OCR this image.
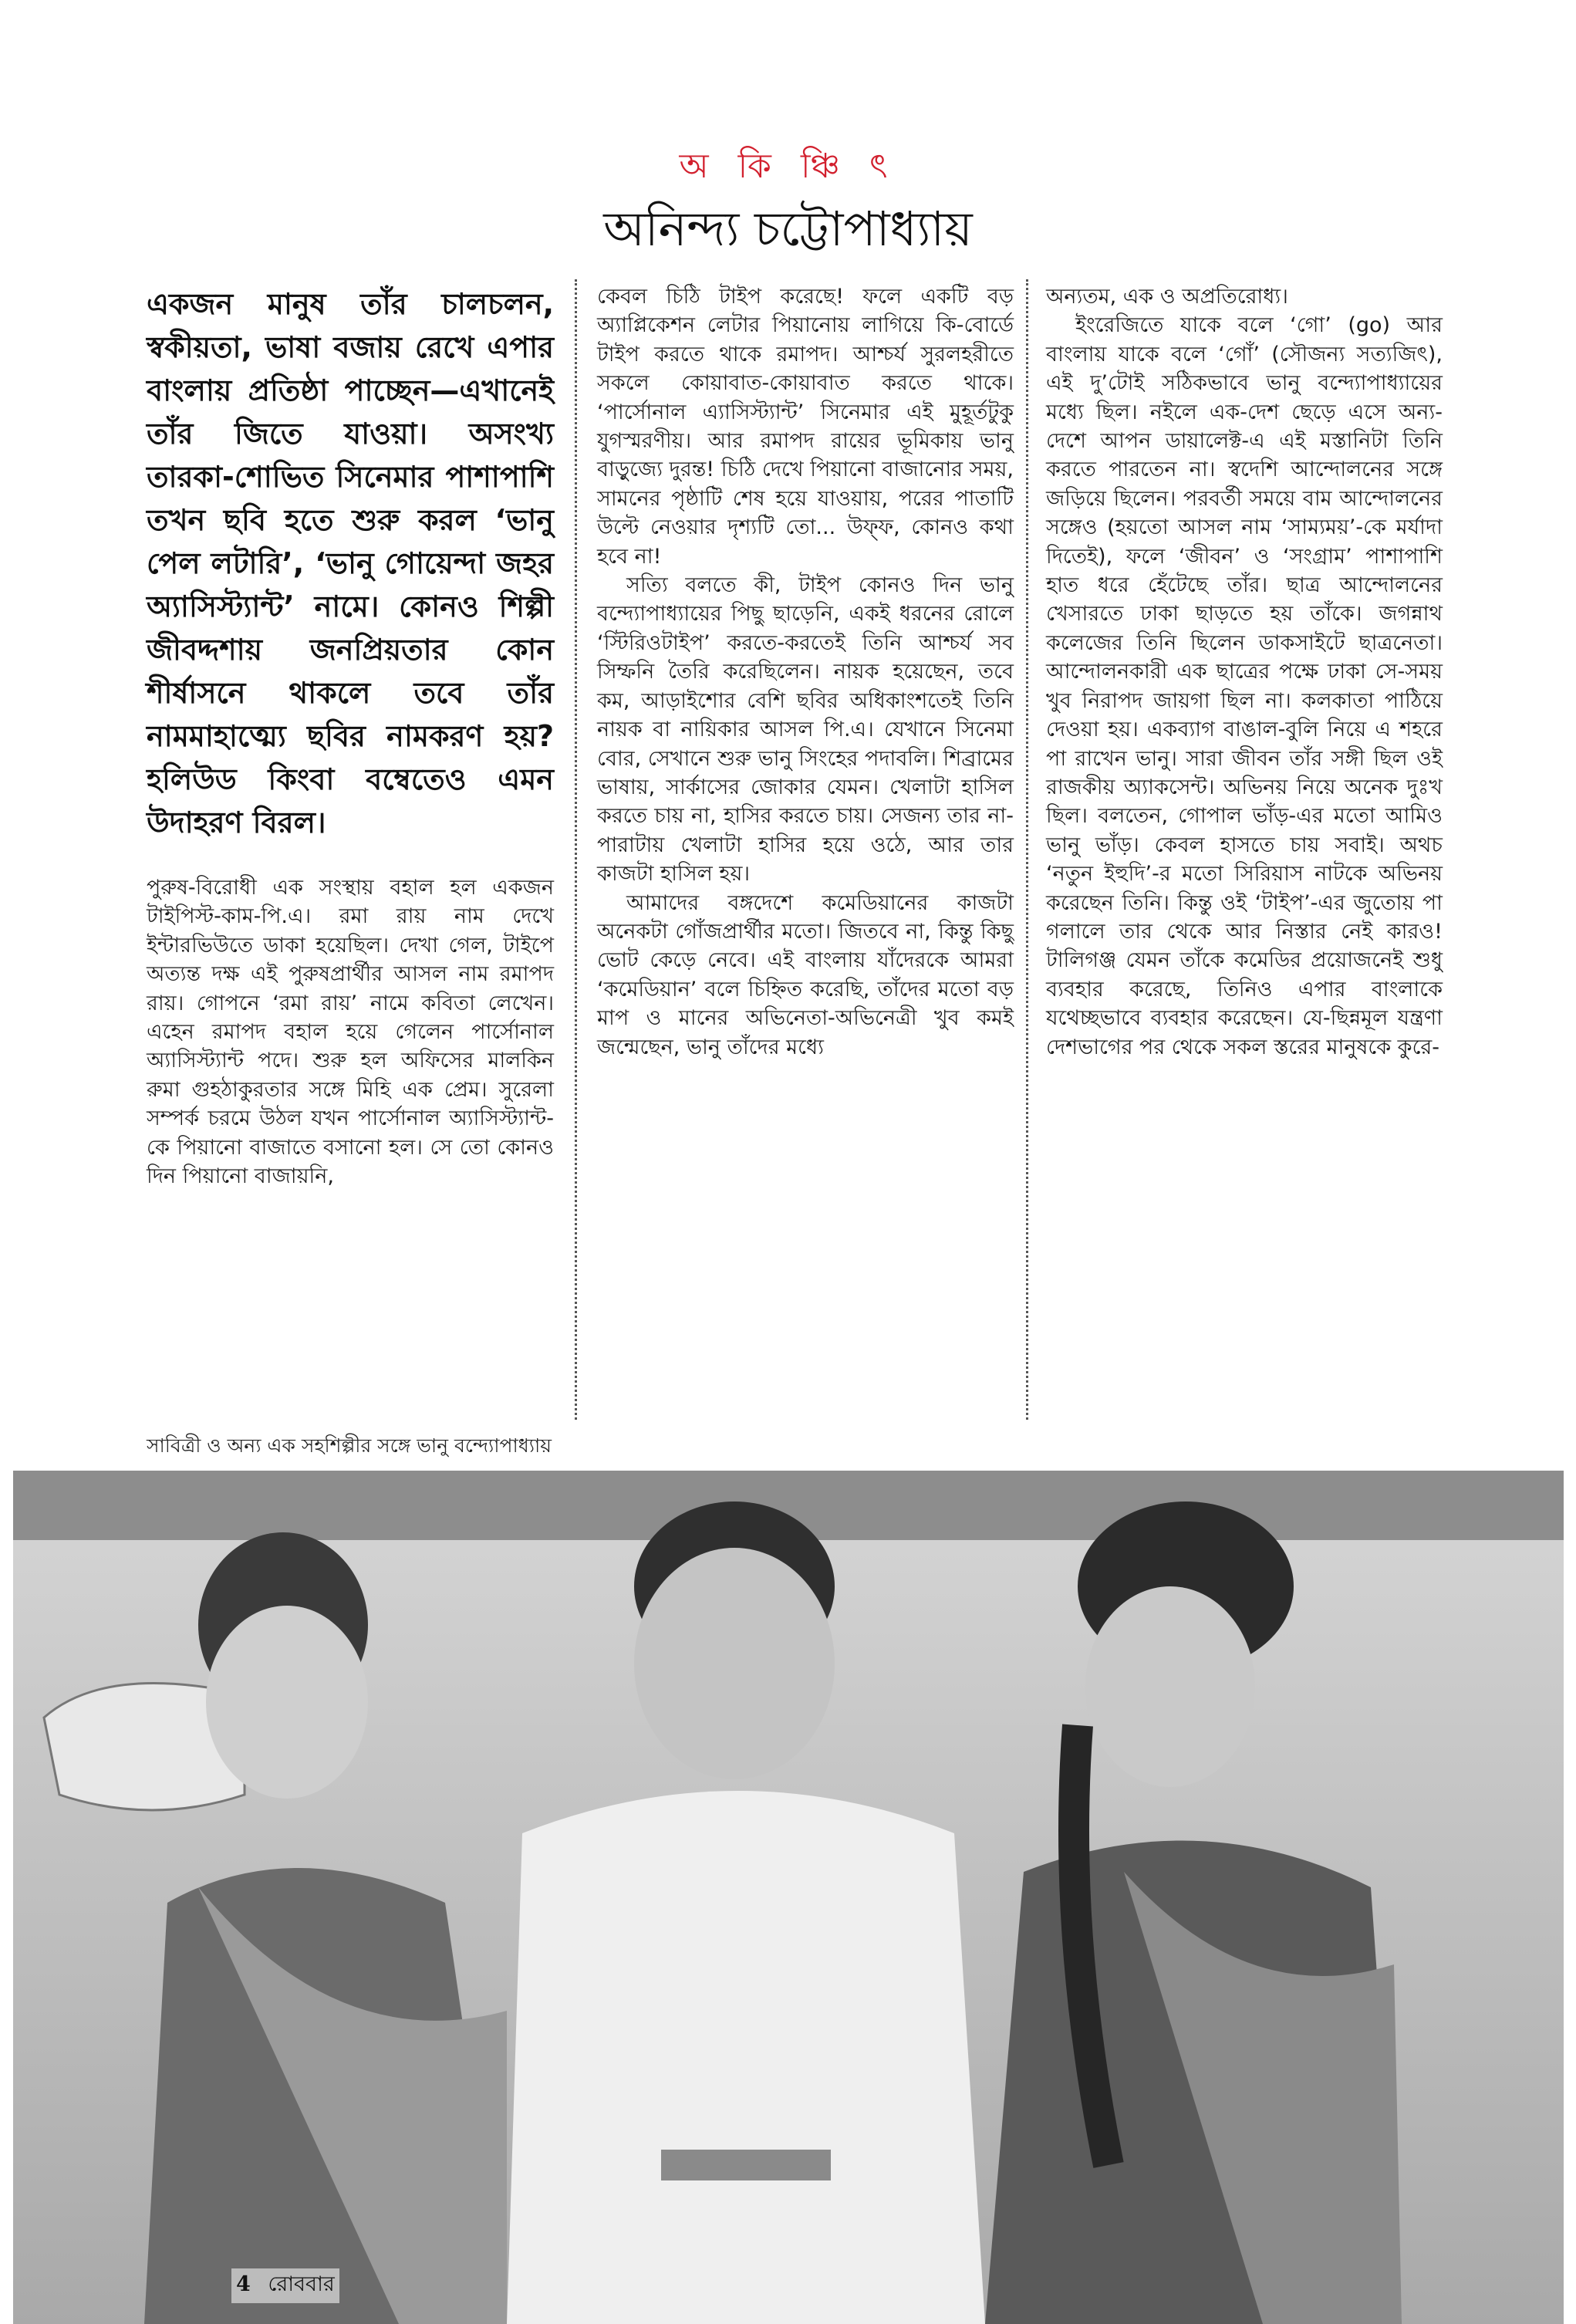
অ কি ঞ্চি ৎ
অনিন্দ্য চট্টোপাধ্যায়

একজন মানুষ তাঁর চালচলন, স্বকীয়তা, ভাষা বজায় রেখে এপার বাংলায় প্রতিষ্ঠা পাচ্ছেন—এখানেই তাঁর জিতে যাওয়া। অসংখ্য তারকা-শোভিত সিনেমার পাশাপাশি তখন ছবি হতে শুরু করল ‘ভানু পেল লটারি’, ‘ভানু গোয়েন্দা জহর অ্যাসিস্ট্যান্ট’ নামে। কোনও শিল্পী জীবদ্দশায় জনপ্রিয়তার কোন শীর্ষাসনে থাকলে তবে তাঁর নামমাহাত্ম্যে ছবির নামকরণ হয়? হলিউড কিংবা বম্বেতেও এমন উদাহরণ বিরল।

পুরুষ-বিরোধী এক সংস্থায় বহাল হল একজন টাইপিস্ট-কাম-পি.এ। রমা রায় নাম দেখে ইন্টারভিউতে ডাকা হয়েছিল। দেখা গেল, টাইপে অত্যন্ত দক্ষ এই পুরুষপ্রার্থীর আসল নাম রমাপদ রায়। গোপনে ‘রমা রায়’ নামে কবিতা লেখেন। এহেন রমাপদ বহাল হয়ে গেলেন পার্সোনাল অ্যাসিস্ট্যান্ট পদে। শুরু হল অফিসের মালকিন রুমা গুহঠাকুরতার সঙ্গে মিহি এক প্রেম। সুরেলা সম্পর্ক চরমে উঠল যখন পার্সোনাল অ্যাসিস্ট্যান্ট-কে পিয়ানো বাজাতে বসানো হল। সে তো কোনও দিন পিয়ানো বাজায়নি,

কেবল চিঠি টাইপ করেছে! ফলে একটি বড় অ্যাপ্লিকেশন লেটার পিয়ানোয় লাগিয়ে কি-বোর্ডে টাইপ করতে থাকে রমাপদ। আশ্চর্য সুরলহরীতে সকলে কোয়াবাত-কোয়াবাত করতে থাকে। ‘পার্সোনাল এ্যাসিস্ট্যান্ট’ সিনেমার এই মুহূর্তটুকু যুগস্মরণীয়। আর রমাপদ রায়ের ভূমিকায় ভানু বাড়ুজ্যে দুরন্ত! চিঠি দেখে পিয়ানো বাজানোর সময়, সামনের পৃষ্ঠাটি শেষ হয়ে যাওয়ায়, পরের পাতাটি উল্টে নেওয়ার দৃশ্যটি তো... উফ্ফ, কোনও কথা হবে না!

সত্যি বলতে কী, টাইপ কোনও দিন ভানু বন্দ্যোপাধ্যায়ের পিছু ছাড়েনি, একই ধরনের রোলে ‘স্টিরিওটাইপ’ করতে-করতেই তিনি আশ্চর্য সব সিম্ফনি তৈরি করেছিলেন। নায়ক হয়েছেন, তবে কম, আড়াইশোর বেশি ছবির অধিকাংশতেই তিনি নায়ক বা নায়িকার আসল পি.এ। যেখানে সিনেমা বোর, সেখানে শুরু ভানু সিংহের পদাবলি। শিব্রামের ভাষায়, সার্কাসের জোকার যেমন। খেলাটা হাসিল করতে চায় না, হাসির করতে চায়। সেজন্য তার না-পারাটায় খেলাটা হাসির হয়ে ওঠে, আর তার কাজটা হাসিল হয়।

আমাদের বঙ্গদেশে কমেডিয়ানের কাজটা অনেকটা গোঁজপ্রার্থীর মতো। জিতবে না, কিন্তু কিছু ভোট কেড়ে নেবে। এই বাংলায় যাঁদেরকে আমরা ‘কমেডিয়ান’ বলে চিহ্নিত করেছি, তাঁদের মতো বড় মাপ ও মানের অভিনেতা-অভিনেত্রী খুব কমই জন্মেছেন, ভানু তাঁদের মধ্যে

অন্যতম, এক ও অপ্রতিরোধ্য।

ইংরেজিতে যাকে বলে ‘গো’ (go) আর বাংলায় যাকে বলে ‘গোঁ’ (সৌজন্য সত্যজিৎ), এই দু’টোই সঠিকভাবে ভানু বন্দ্যোপাধ্যায়ের মধ্যে ছিল। নইলে এক-দেশ ছেড়ে এসে অন্য-দেশে আপন ডায়ালেক্ট-এ এই মস্তানিটা তিনি করতে পারতেন না। স্বদেশি আন্দোলনের সঙ্গে জড়িয়ে ছিলেন। পরবর্তী সময়ে বাম আন্দোলনের সঙ্গেও (হয়তো আসল নাম ‘সাম্যময়’-কে মর্যাদা দিতেই), ফলে ‘জীবন’ ও ‘সংগ্রাম’ পাশাপাশি হাত ধরে হেঁটেছে তাঁর। ছাত্র আন্দোলনের খেসারতে ঢাকা ছাড়তে হয় তাঁকে। জগন্নাথ কলেজের তিনি ছিলেন ডাকসাইটে ছাত্রনেতা। আন্দোলনকারী এক ছাত্রের পক্ষে ঢাকা সে-সময় খুব নিরাপদ জায়গা ছিল না। কলকাতা পাঠিয়ে দেওয়া হয়। একব্যাগ বাঙাল-বুলি নিয়ে এ শহরে পা রাখেন ভানু। সারা জীবন তাঁর সঙ্গী ছিল ওই রাজকীয় অ্যাকসেন্ট। অভিনয় নিয়ে অনেক দুঃখ ছিল। বলতেন, গোপাল ভাঁড়-এর মতো আমিও ভানু ভাঁড়। কেবল হাসতে চায় সবাই। অথচ ‘নতুন ইহুদি’-র মতো সিরিয়াস নাটকে অভিনয় করেছেন তিনি। কিন্তু ওই ‘টাইপ’-এর জুতোয় পা গলালে তার থেকে আর নিস্তার নেই কারও! টালিগঞ্জ যেমন তাঁকে কমেডির প্রয়োজনেই শুধু ব্যবহার করেছে, তিনিও এপার বাংলাকে যথেচ্ছভাবে ব্যবহার করেছেন। যে-ছিন্নমূল যন্ত্রণা দেশভাগের পর থেকে সকল স্তরের মানুষকে কুরে-

সাবিত্রী ও অন্য এক সহশিল্পীর সঙ্গে ভানু বন্দ্যোপাধ্যায়
4 রোববার
